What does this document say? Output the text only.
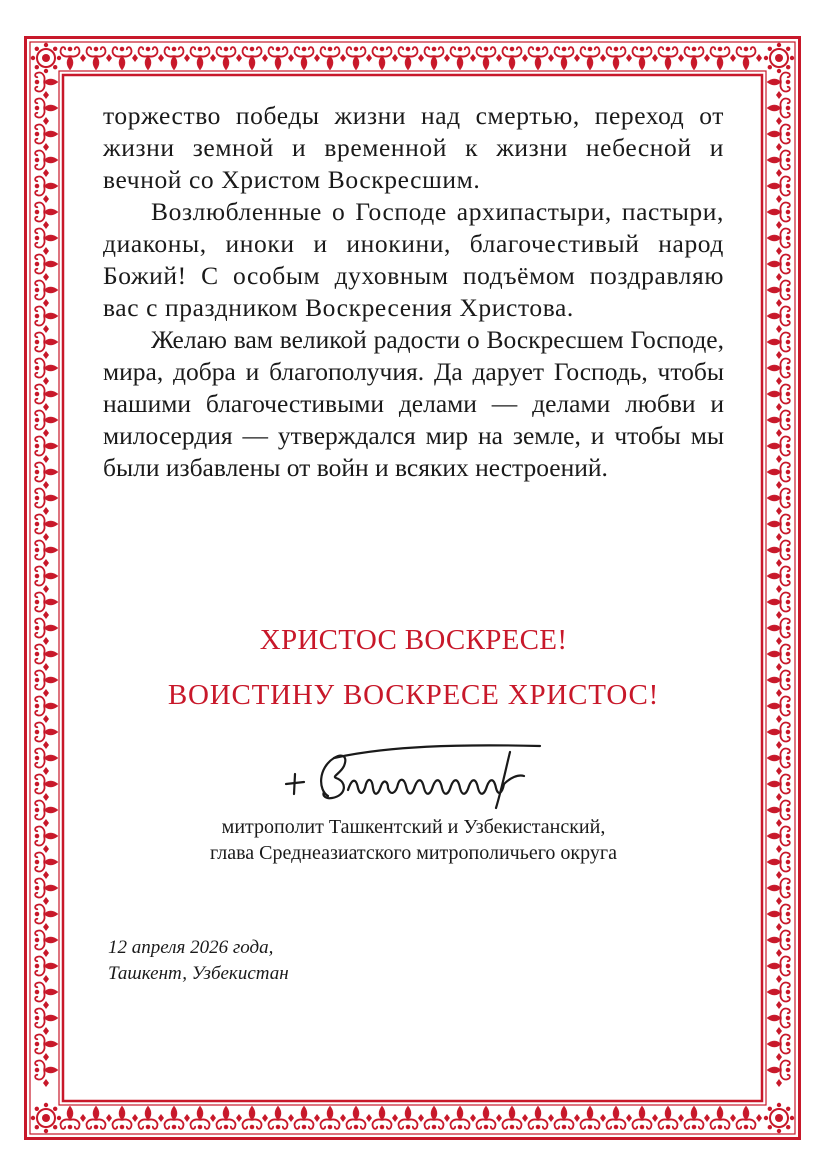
торжество победы жизни над смертью, переход от жизни земной и временной к жизни небесной и вечной со Христом Воскресшим.

Возлюбленные о Господе архипастыри, пастыри, диаконы, иноки и инокини, благочестивый народ Божий! С особым духовным подъёмом поздравляю вас с праздником Воскресения Христова.

Желаю вам великой радости о Воскресшем Господе, мира, добра и благополучия. Да дарует Господь, чтобы нашими благочестивыми делами — делами любви и милосердия — утверждался мир на земле, и чтобы мы были избавлены от войн и всяких нестроений.

ХРИСТОС ВОСКРЕСЕ!

ВОИСТИНУ ВОСКРЕСЕ ХРИСТОС!

митрополит Ташкентский и Узбекистанский,

глава Среднеазиатского митрополичьего округа

12 апреля 2026 года,
Ташкент, Узбекистан
